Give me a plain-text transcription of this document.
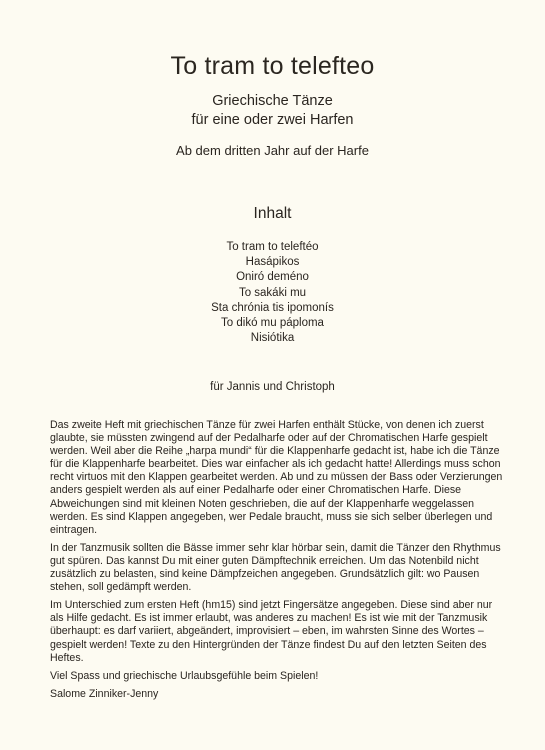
To tram to telefteo
Griechische Tänze
für eine oder zwei Harfen
Ab dem dritten Jahr auf der Harfe
Inhalt
To tram to teleftéo
Hasápikos
Oniró deméno
To sakáki mu
Sta chrónia tis ipomonís
To dikó mu páploma
Nisiótika
für Jannis und Christoph

Das zweite Heft mit griechischen Tänze für zwei Harfen enthält Stücke, von denen ich zuerst glaubte, sie müssten zwingend auf der Pedalharfe oder auf der Chromatischen Harfe gespielt werden. Weil aber die Reihe „harpa mundi“ für die Klappenharfe gedacht ist, habe ich die Tänze für die Klappenharfe bearbeitet. Dies war einfacher als ich gedacht hatte! Allerdings muss schon recht virtuos mit den Klappen gearbeitet werden. Ab und zu müssen der Bass oder Verzierungen anders gespielt werden als auf einer Pedalharfe oder einer Chromatischen Harfe. Diese Abweichungen sind mit kleinen Noten geschrieben, die auf der Klappenharfe weggelassen werden. Es sind Klappen angegeben, wer Pedale braucht, muss sie sich selber überlegen und eintragen.

In der Tanzmusik sollten die Bässe immer sehr klar hörbar sein, damit die Tänzer den Rhythmus gut spüren. Das kannst Du mit einer guten Dämpftechnik erreichen. Um das Notenbild nicht zusätzlich zu belasten, sind keine Dämpfzeichen angegeben. Grundsätzlich gilt: wo Pausen stehen, soll gedämpft werden.

Im Unterschied zum ersten Heft (hm15) sind jetzt Fingersätze angegeben. Diese sind aber nur als Hilfe gedacht. Es ist immer erlaubt, was anderes zu machen! Es ist wie mit der Tanzmusik überhaupt: es darf variiert, abgeändert, improvisiert – eben, im wahrsten Sinne des Wortes – gespielt werden! Texte zu den Hintergründen der Tänze findest Du auf den letzten Seiten des Heftes.

Viel Spass und griechische Urlaubsgefühle beim Spielen!

Salome Zinniker-Jenny
